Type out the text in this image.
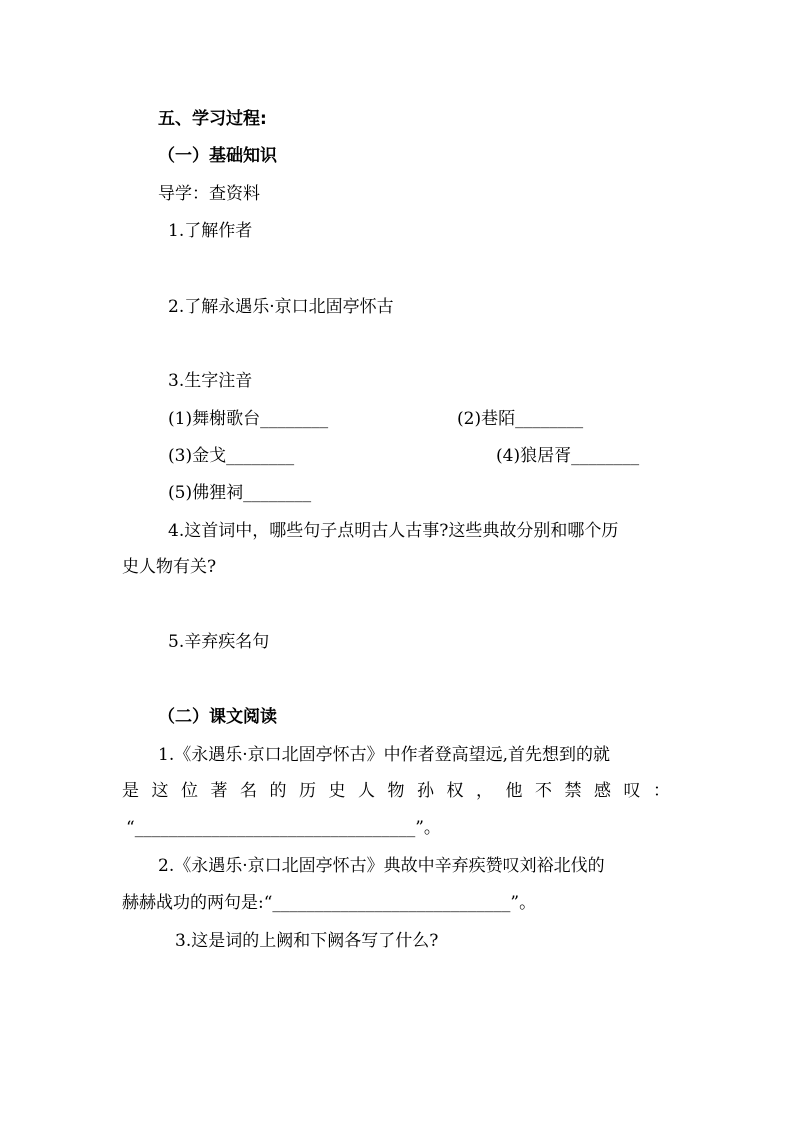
五、学习过程:
（一）基础知识
导学：查资料
1.了解作者
2.了解永遇乐·京口北固亭怀古
3.生字注音
(1)舞榭歌台________	(2)巷陌________
(3)金戈________	(4)狼居胥________
(5)佛狸祠________
4.这首词中，哪些句子点明古人古事?这些典故分别和哪个历
史人物有关?
5.辛弃疾名句
（二）课文阅读
1.《永遇乐·京口北固亭怀古》中作者登高望远,首先想到的就
是这位著名的历史人物孙权，他不禁感叹：
“_________________________________”。
2.《永遇乐·京口北固亭怀古》典故中辛弃疾赞叹刘裕北伐的
赫赫战功的两句是:“____________________________”。
3.这是词的上阙和下阙各写了什么?
